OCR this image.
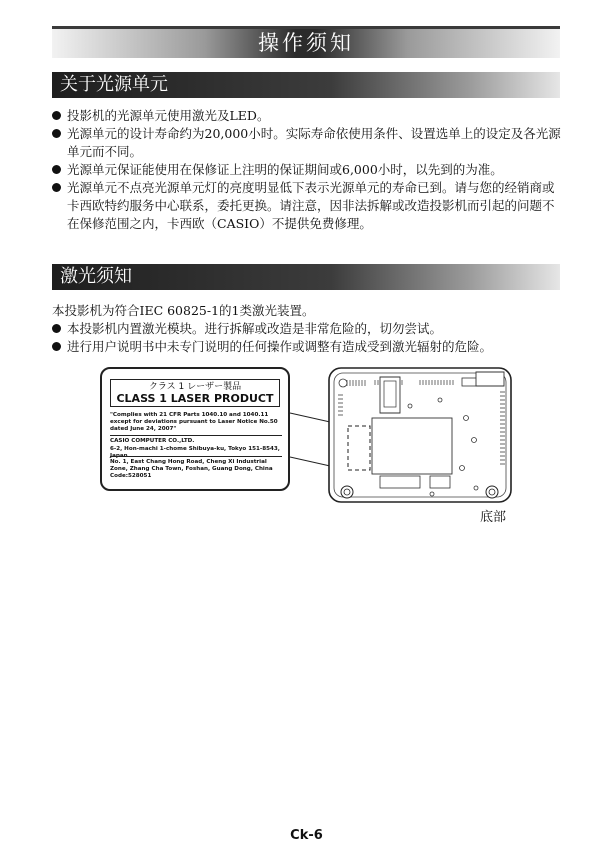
操作须知
关于光源单元
投影机的光源单元使用激光及LED。
光源单元的设计寿命约为20,000小时。实际寿命依使用条件、设置选单上的设定及各光源单元而不同。
光源单元保证能使用在保修证上注明的保证期间或6,000小时，以先到的为准。
光源单元不点亮光源单元灯的亮度明显低下表示光源单元的寿命已到。请与您的经销商或卡西欧特约服务中心联系，委托更换。请注意，因非法拆解或改造投影机而引起的问题不在保修范围之内，卡西欧（CASIO）不提供免费修理。
激光须知
本投影机为符合IEC 60825-1的1类激光装置。
本投影机内置激光模块。进行拆解或改造是非常危险的，切勿尝试。
进行用户说明书中未专门说明的任何操作或调整有造成受到激光辐射的危险。
クラス 1 レーザー製品
CLASS 1 LASER PRODUCT
"Complies with 21 CFR Parts 1040.10 and 1040.11 except for deviations pursuant to Laser Notice No.50 dated June 24, 2007"
CASIO COMPUTER CO.,LTD.
6-2, Hon-machi 1-chome Shibuya-ku, Tokyo 151-8543,
No. 1, East Chang Hong Road, Cheng Xi Industrial Zone, Zhang Cha Town, Foshan, Guang Dong, China Code:528051
底部
Ck-6
